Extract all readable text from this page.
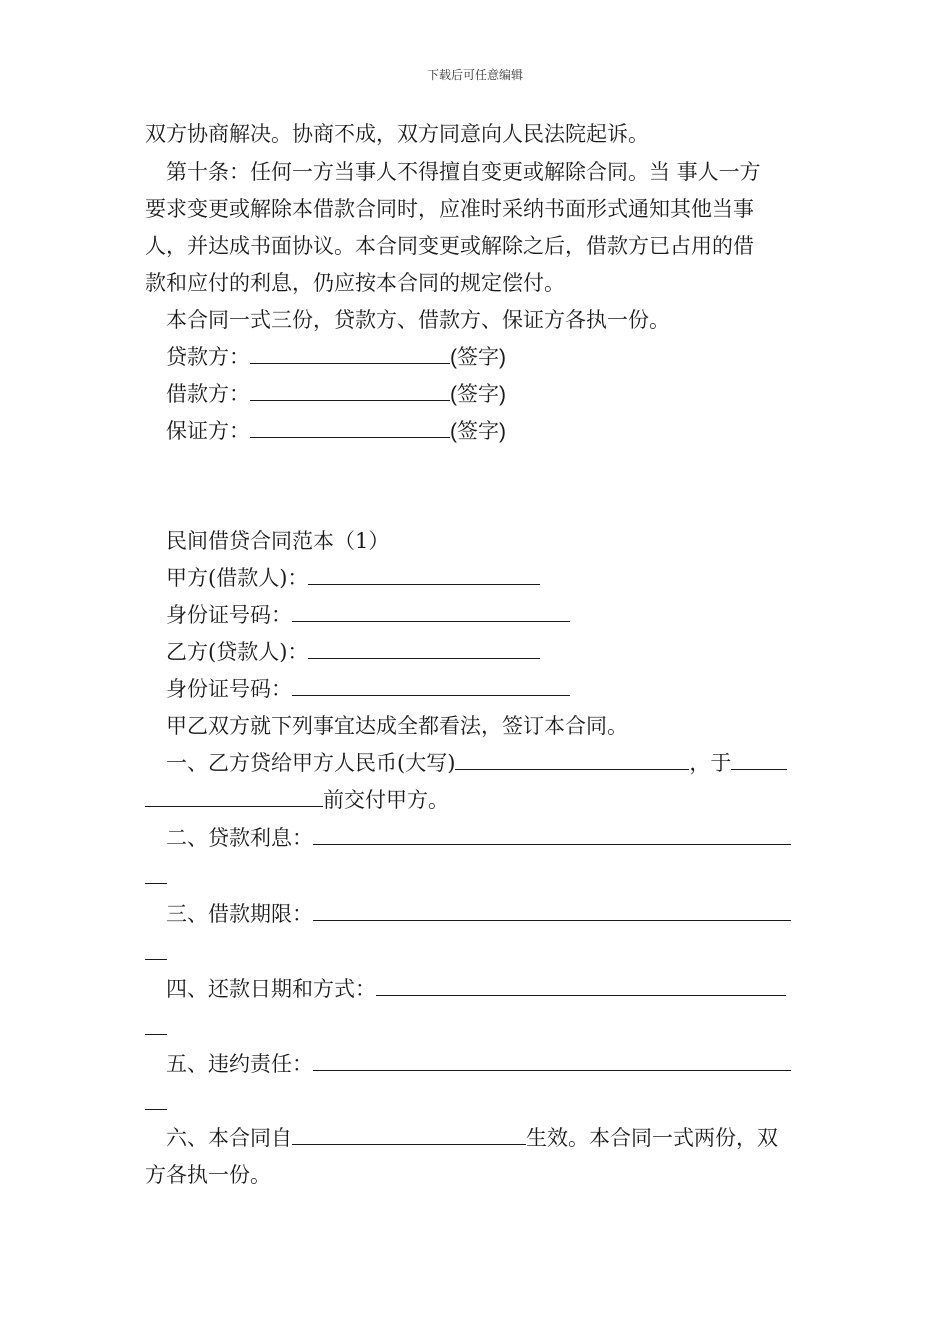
下载后可任意编辑
双方协商解决。协商不成，双方同意向人民法院起诉。
第十条：任何一方当事人不得擅自变更或解除合同。当 事人一方
要求变更或解除本借款合同时，应准时采纳书面形式通知其他当事
人，并达成书面协议。本合同变更或解除之后，借款方已占用的借
款和应付的利息，仍应按本合同的规定偿付。
本合同一式三份，贷款方、借款方、保证方各执一份。
贷款方：	(签字)
借款方：	(签字)
保证方：	(签字)
民间借贷合同范本（1）
甲方(借款人)：
身份证号码：
乙方(贷款人)：
身份证号码：
甲乙双方就下列事宜达成全都看法，签订本合同。
一、乙方贷给甲方人民币(大写)	，于
前交付甲方。
二、贷款利息：
三、借款期限：
四、还款日期和方式：
五、违约责任：
六、本合同自	生效。本合同一式两份，双
方各执一份。
